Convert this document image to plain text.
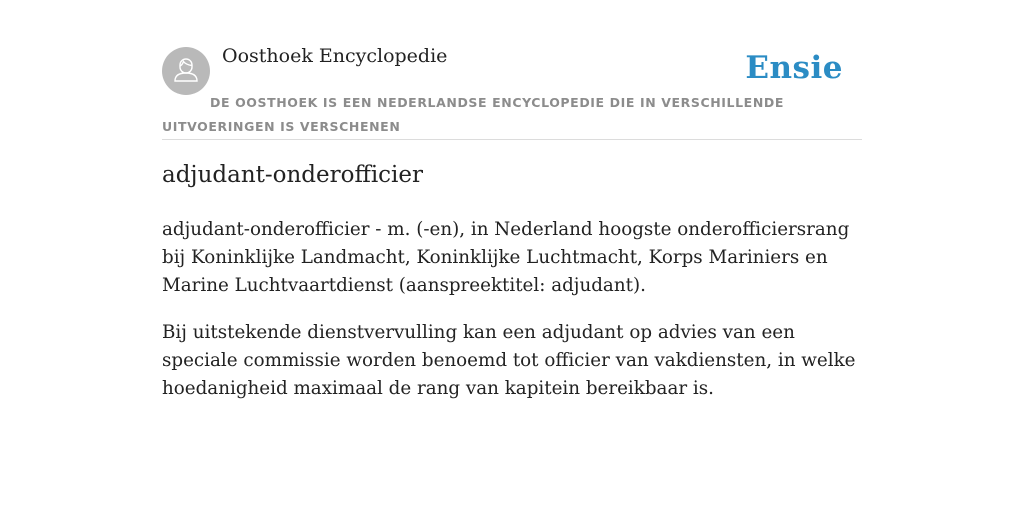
Oosthoek Encyclopedie	Ensie
DE OOSTHOEK IS EEN NEDERLANDSE ENCYCLOPEDIE DIE IN VERSCHILLENDE UITVOERINGEN IS VERSCHENEN
adjudant-onderofficier

adjudant-onderofficier - m. (-en), in Nederland hoogste onderofficiersrang bij Koninklijke Landmacht, Koninklijke Luchtmacht, Korps Mariniers en Marine Luchtvaartdienst (aanspreektitel: adjudant).

Bij uitstekende dienstvervulling kan een adjudant op advies van een speciale commissie worden benoemd tot officier van vakdiensten, in welke hoedanigheid maximaal de rang van kapitein bereikbaar is.
